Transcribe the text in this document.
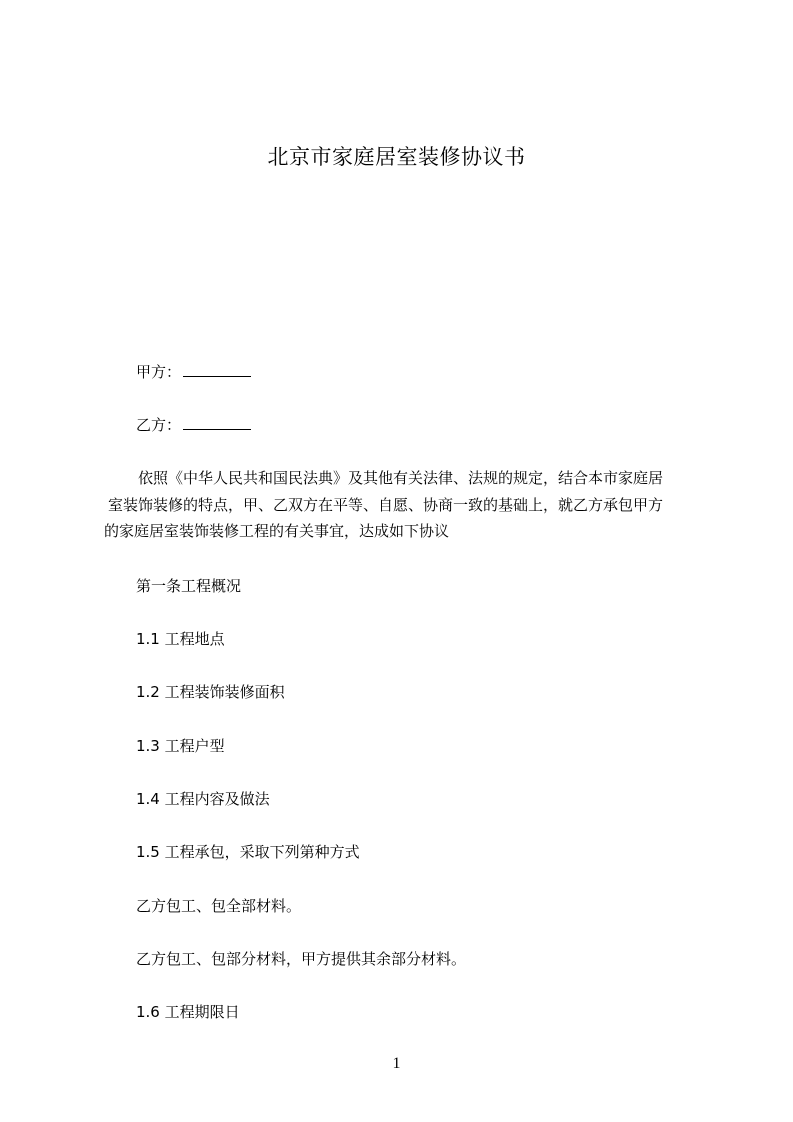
北京市家庭居室装修协议书
甲方：
乙方：

依照《中华人民共和国民法典》及其他有关法律、法规的规定，结合本市家庭居

室装饰装修的特点，甲、乙双方在平等、自愿、协商一致的基础上，就乙方承包甲方

的家庭居室装饰装修工程的有关事宜，达成如下协议

第一条工程概况
1.1 工程地点
1.2 工程装饰装修面积
1.3 工程户型
1.4 工程内容及做法
1.5 工程承包，采取下列第种方式
乙方包工、包全部材料。
乙方包工、包部分材料，甲方提供其余部分材料。
1.6 工程期限日
1
